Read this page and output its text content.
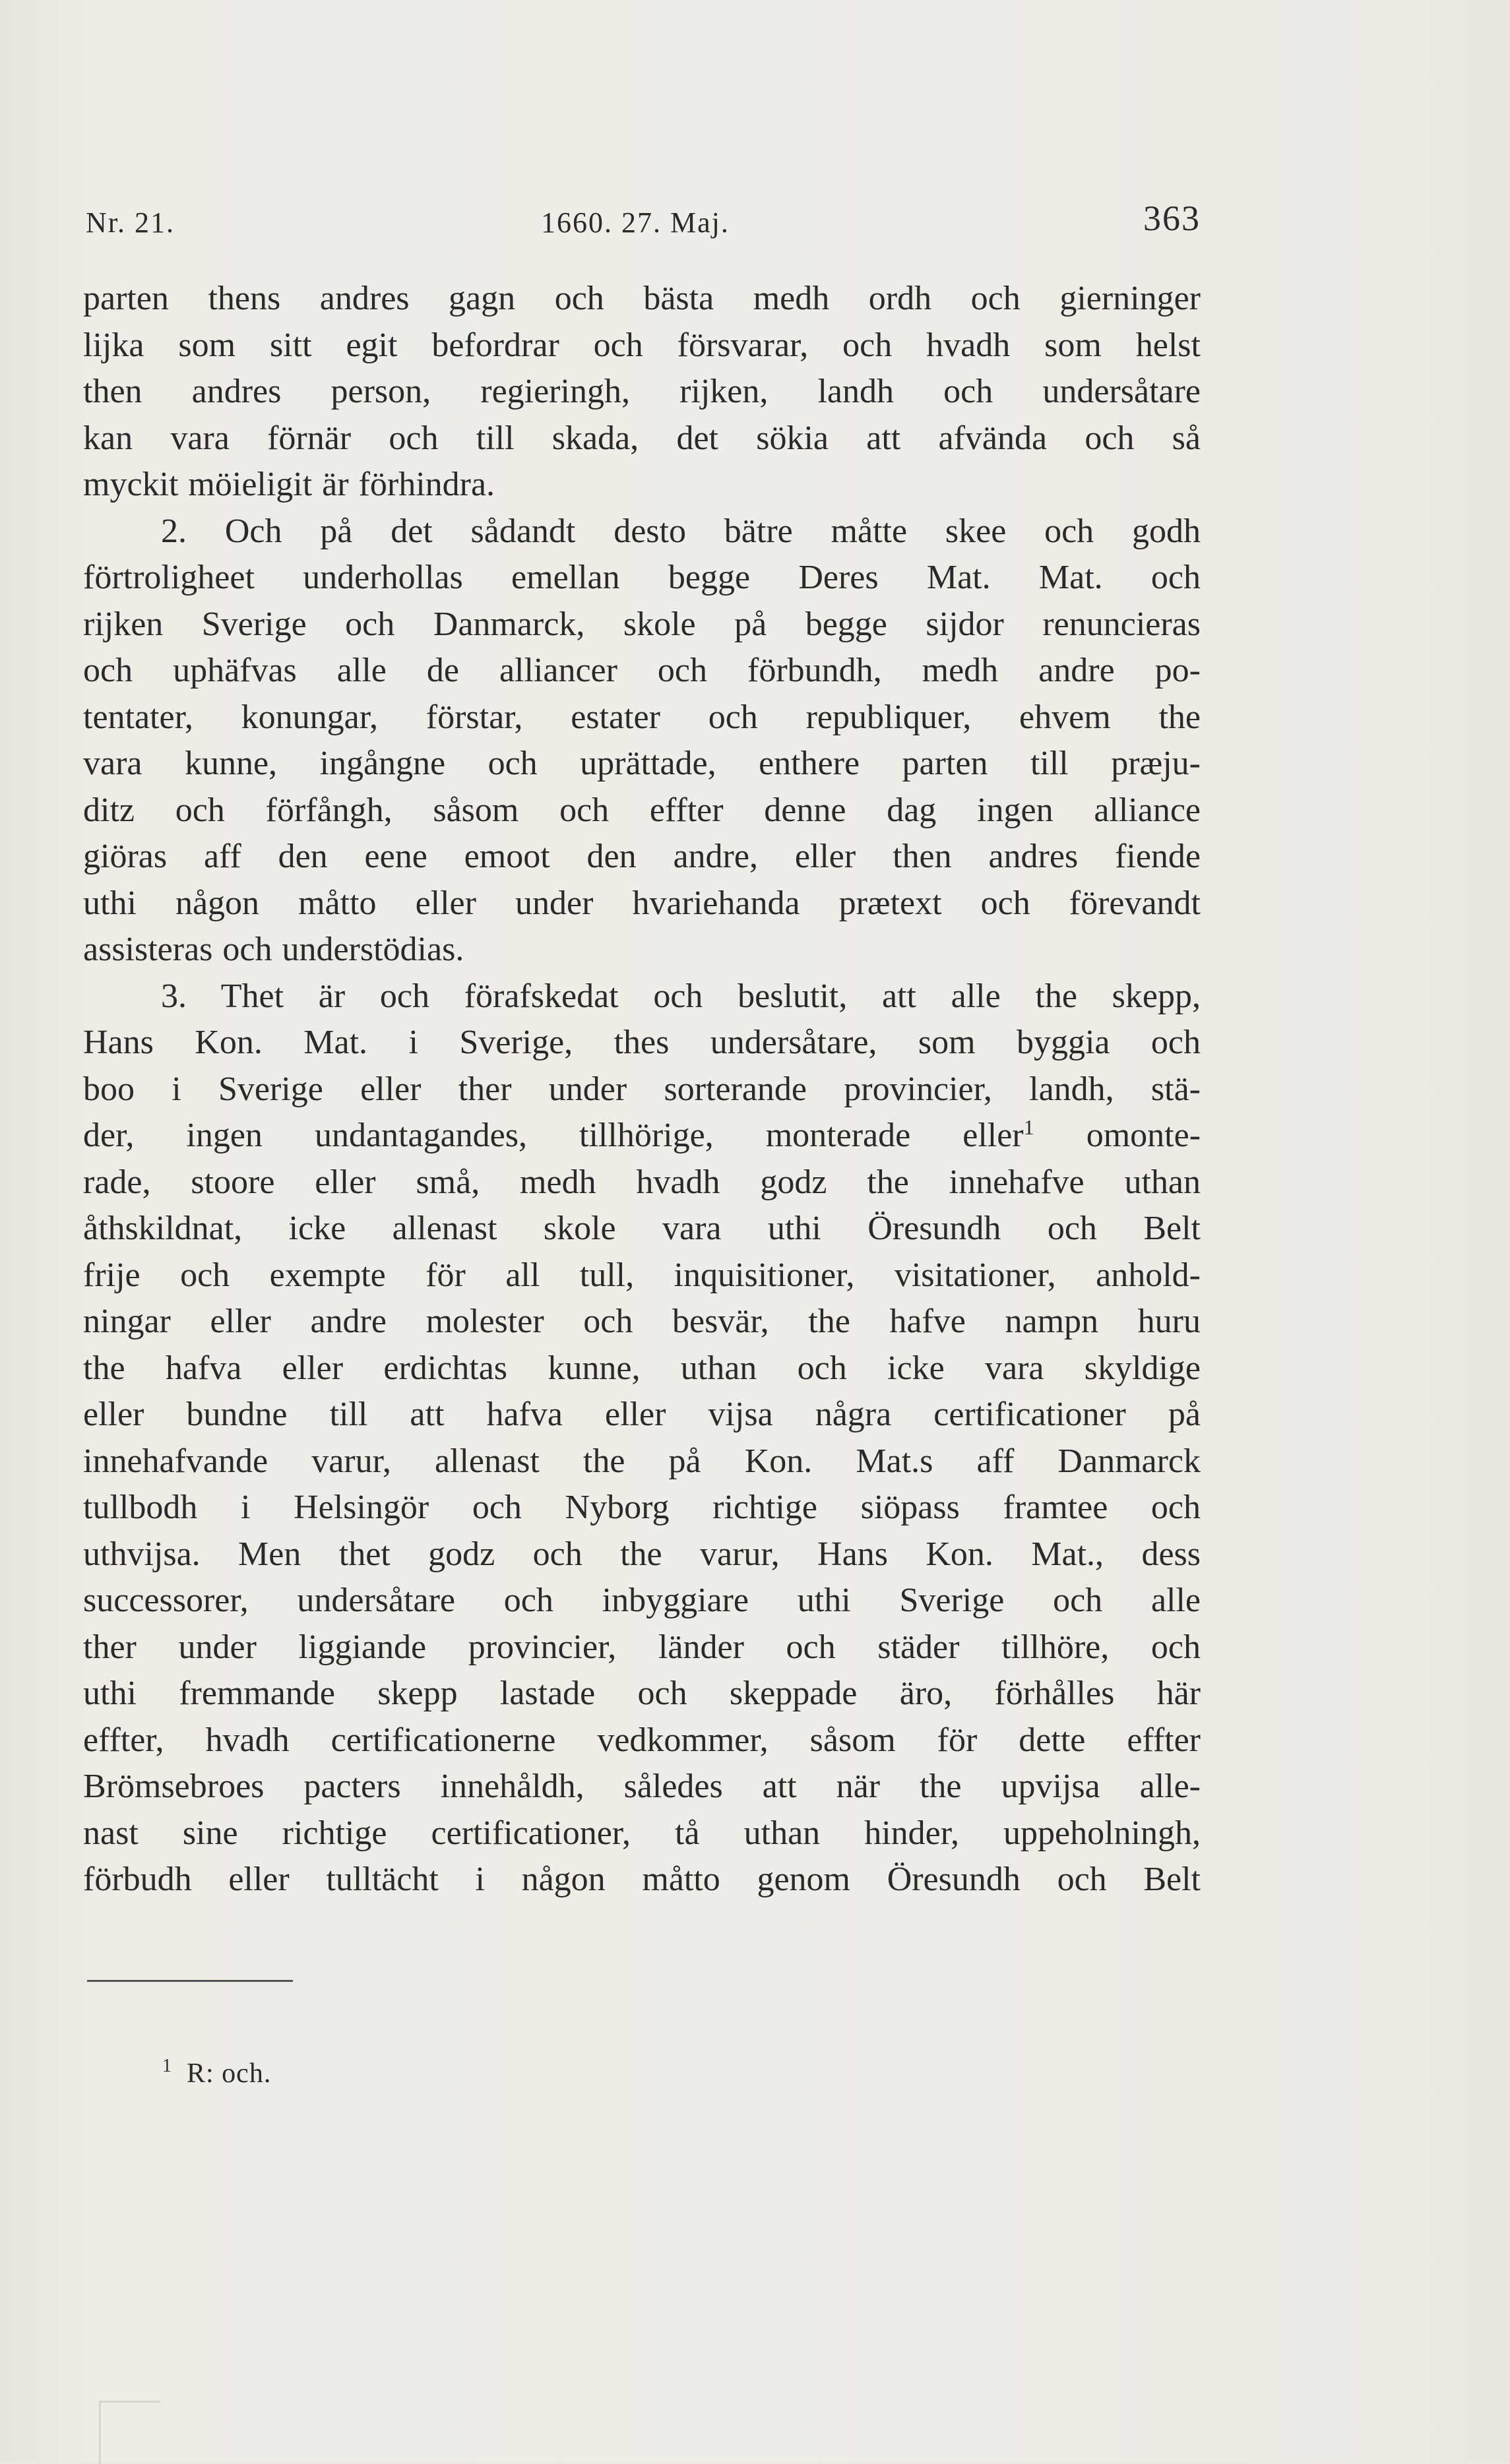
Nr. 21.	1660. 27. Maj.	363
parten thens andres gagn och bästa medh ordh och gierninger
lijka som sitt egit befordrar och försvarar, och hvadh som helst
then andres person, regieringh, rijken, landh och undersåtare
kan vara förnär och till skada, det sökia att afvända och så
myckit möieligit är förhindra.
2. Och på det sådandt desto bätre måtte skee och godh
förtroligheet underhollas emellan begge Deres Mat. Mat. och
rijken Sverige och Danmarck, skole på begge sijdor renuncieras
och uphäfvas alle de alliancer och förbundh, medh andre po-
tentater, konungar, förstar, estater och republiquer, ehvem the
vara kunne, ingångne och uprättade, enthere parten till præju-
ditz och förfångh, såsom och effter denne dag ingen alliance
giöras aff den eene emoot den andre, eller then andres fiende
uthi någon måtto eller under hvariehanda prætext och förevandt
assisteras och understödias.
3. Thet är och förafskedat och beslutit, att alle the skepp,
Hans Kon. Mat. i Sverige, thes undersåtare, som byggia och
boo i Sverige eller ther under sorterande provincier, landh, stä-
der, ingen undantagandes, tillhörige, monterade eller$^1$ omonte-
rade, stoore eller små, medh hvadh godz the innehafve uthan
åthskildnat, icke allenast skole vara uthi Öresundh och Belt
frije och exempte för all tull, inquisitioner, visitationer, anhold-
ningar eller andre molester och besvär, the hafve nampn huru
the hafva eller erdichtas kunne, uthan och icke vara skyldige
eller bundne till att hafva eller vijsa några certificationer på
innehafvande varur, allenast the på Kon. Mat.s aff Danmarck
tullbodh i Helsingör och Nyborg richtige siöpass framtee och
uthvijsa. Men thet godz och the varur, Hans Kon. Mat., dess
successorer, undersåtare och inbyggiare uthi Sverige och alle
ther under liggiande provincier, länder och städer tillhöre, och
uthi fremmande skepp lastade och skeppade äro, förhålles här
effter, hvadh certificationerne vedkommer, såsom för dette effter
Brömsebroes pacters innehåldh, således att när the upvijsa alle-
nast sine richtige certificationer, tå uthan hinder, uppeholningh,
förbudh eller tulltächt i någon måtto genom Öresundh och Belt
$^1$ R: och.
